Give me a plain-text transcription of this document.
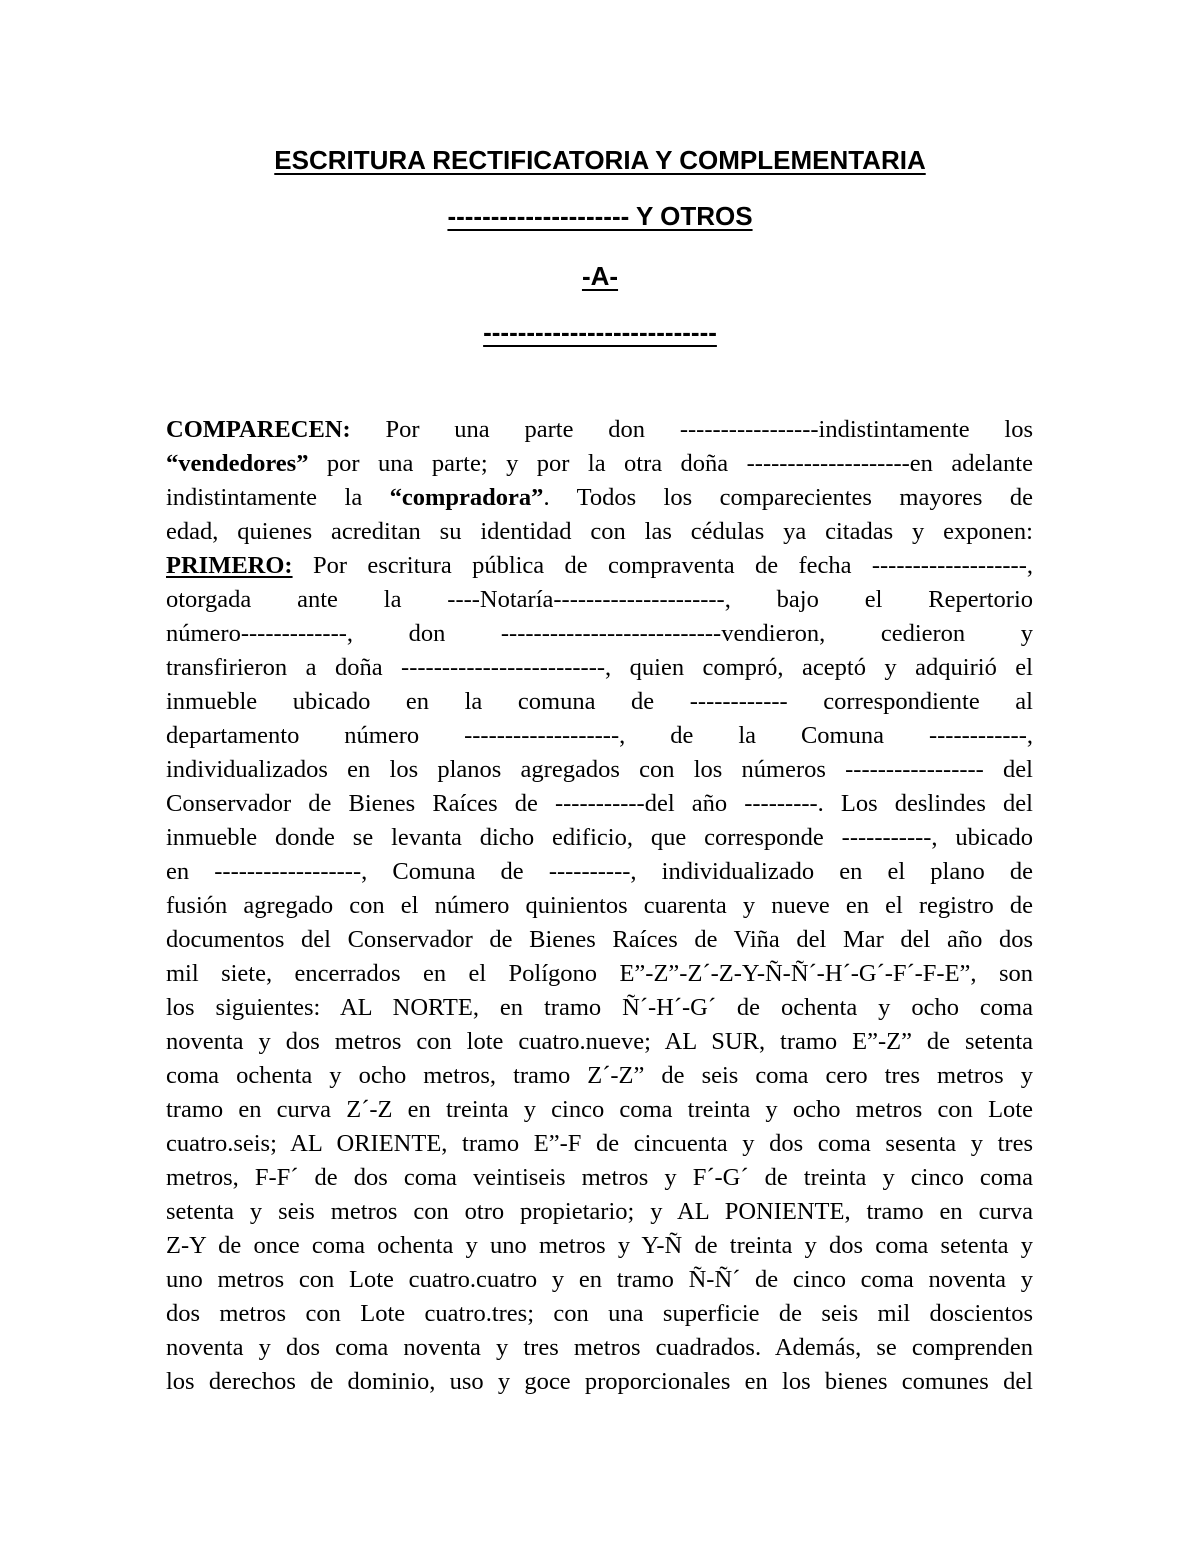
ESCRITURA RECTIFICATORIA Y COMPLEMENTARIA
--------------------- Y OTROS
-A-
---------------------------
COMPARECEN: Por una parte don -----------------indistintamente los
“vendedores” por una parte; y por la otra doña --------------------en adelante
indistintamente la “compradora”. Todos los comparecientes mayores de
edad, quienes acreditan su identidad con las cédulas ya citadas y exponen:
PRIMERO: Por escritura pública de compraventa de fecha -------------------,
otorgada ante la ----Notaría---------------------, bajo el Repertorio
número-------------, don ---------------------------vendieron, cedieron y
transfirieron a doña -------------------------, quien compró, aceptó y adquirió el
inmueble ubicado en la comuna de ------------ correspondiente al
departamento número -------------------, de la Comuna ------------,
individualizados en los planos agregados con los números ----------------- del
Conservador de Bienes Raíces de -----------del año ---------. Los deslindes del
inmueble donde se levanta dicho edificio, que corresponde -----------, ubicado
en ------------------, Comuna de ----------, individualizado en el plano de
fusión agregado con el número quinientos cuarenta y nueve en el registro de
documentos del Conservador de Bienes Raíces de Viña del Mar del año dos
mil siete, encerrados en el Polígono E”-Z”-Z´-Z-Y-Ñ-Ñ´-H´-G´-F´-F-E”, son
los siguientes: AL NORTE, en tramo Ñ´-H´-G´ de ochenta y ocho coma
noventa y dos metros con lote cuatro.nueve; AL SUR, tramo E”-Z” de setenta
coma ochenta y ocho metros, tramo Z´-Z” de seis coma cero tres metros y
tramo en curva Z´-Z en treinta y cinco coma treinta y ocho metros con Lote
cuatro.seis; AL ORIENTE, tramo E”-F de cincuenta y dos coma sesenta y tres
metros, F-F´ de dos coma veintiseis metros y F´-G´ de treinta y cinco coma
setenta y seis metros con otro propietario; y AL PONIENTE, tramo en curva
Z-Y de once coma ochenta y uno metros y Y-Ñ de treinta y dos coma setenta y
uno metros con Lote cuatro.cuatro y en tramo Ñ-Ñ´ de cinco coma noventa y
dos metros con Lote cuatro.tres; con una superficie de seis mil doscientos
noventa y dos coma noventa y tres metros cuadrados. Además, se comprenden
los derechos de dominio, uso y goce proporcionales en los bienes comunes del
